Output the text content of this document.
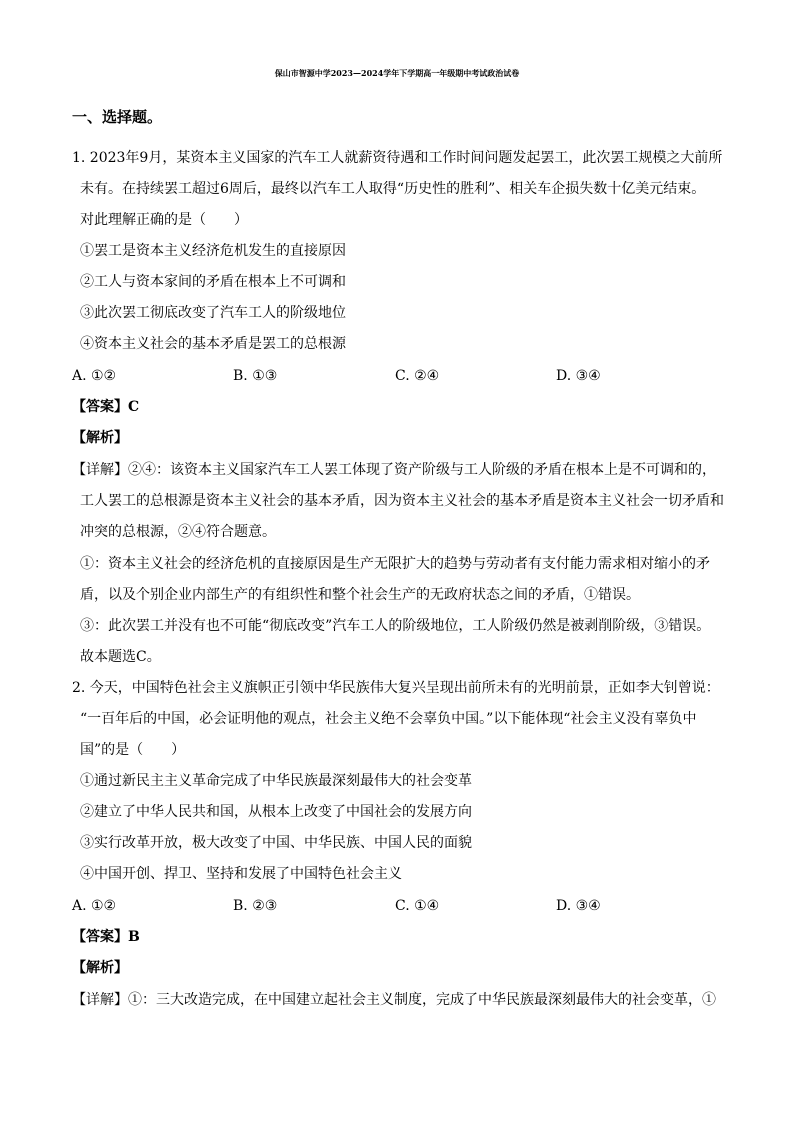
保山市智源中学2023—2024学年下学期高一年级期中考试政治试卷
一、选择题。
1. 2023年9月，某资本主义国家的汽车工人就薪资待遇和工作时间问题发起罢工，此次罢工规模之大前所
未有。在持续罢工超过6周后，最终以汽车工人取得“历史性的胜利”、相关车企损失数十亿美元结束。
对此理解正确的是（　　）
①罢工是资本主义经济危机发生的直接原因
②工人与资本家间的矛盾在根本上不可调和
③此次罢工彻底改变了汽车工人的阶级地位
④资本主义社会的基本矛盾是罢工的总根源
A. ①②	B. ①③	C. ②④	D. ③④
【答案】C
【解析】
【详解】②④：该资本主义国家汽车工人罢工体现了资产阶级与工人阶级的矛盾在根本上是不可调和的，
工人罢工的总根源是资本主义社会的基本矛盾，因为资本主义社会的基本矛盾是资本主义社会一切矛盾和
冲突的总根源，②④符合题意。
①：资本主义社会的经济危机的直接原因是生产无限扩大的趋势与劳动者有支付能力需求相对缩小的矛
盾，以及个别企业内部生产的有组织性和整个社会生产的无政府状态之间的矛盾，①错误。
③：此次罢工并没有也不可能“彻底改变”汽车工人的阶级地位，工人阶级仍然是被剥削阶级，③错误。
故本题选C。
2. 今天，中国特色社会主义旗帜正引领中华民族伟大复兴呈现出前所未有的光明前景，正如李大钊曾说：
“一百年后的中国，必会证明他的观点，社会主义绝不会辜负中国。”以下能体现“社会主义没有辜负中
国”的是（　　）
①通过新民主主义革命完成了中华民族最深刻最伟大的社会变革
②建立了中华人民共和国，从根本上改变了中国社会的发展方向
③实行改革开放，极大改变了中国、中华民族、中国人民的面貌
④中国开创、捍卫、坚持和发展了中国特色社会主义
A. ①②	B. ②③	C. ①④	D. ③④
【答案】B
【解析】
【详解】①：三大改造完成，在中国建立起社会主义制度，完成了中华民族最深刻最伟大的社会变革，①
